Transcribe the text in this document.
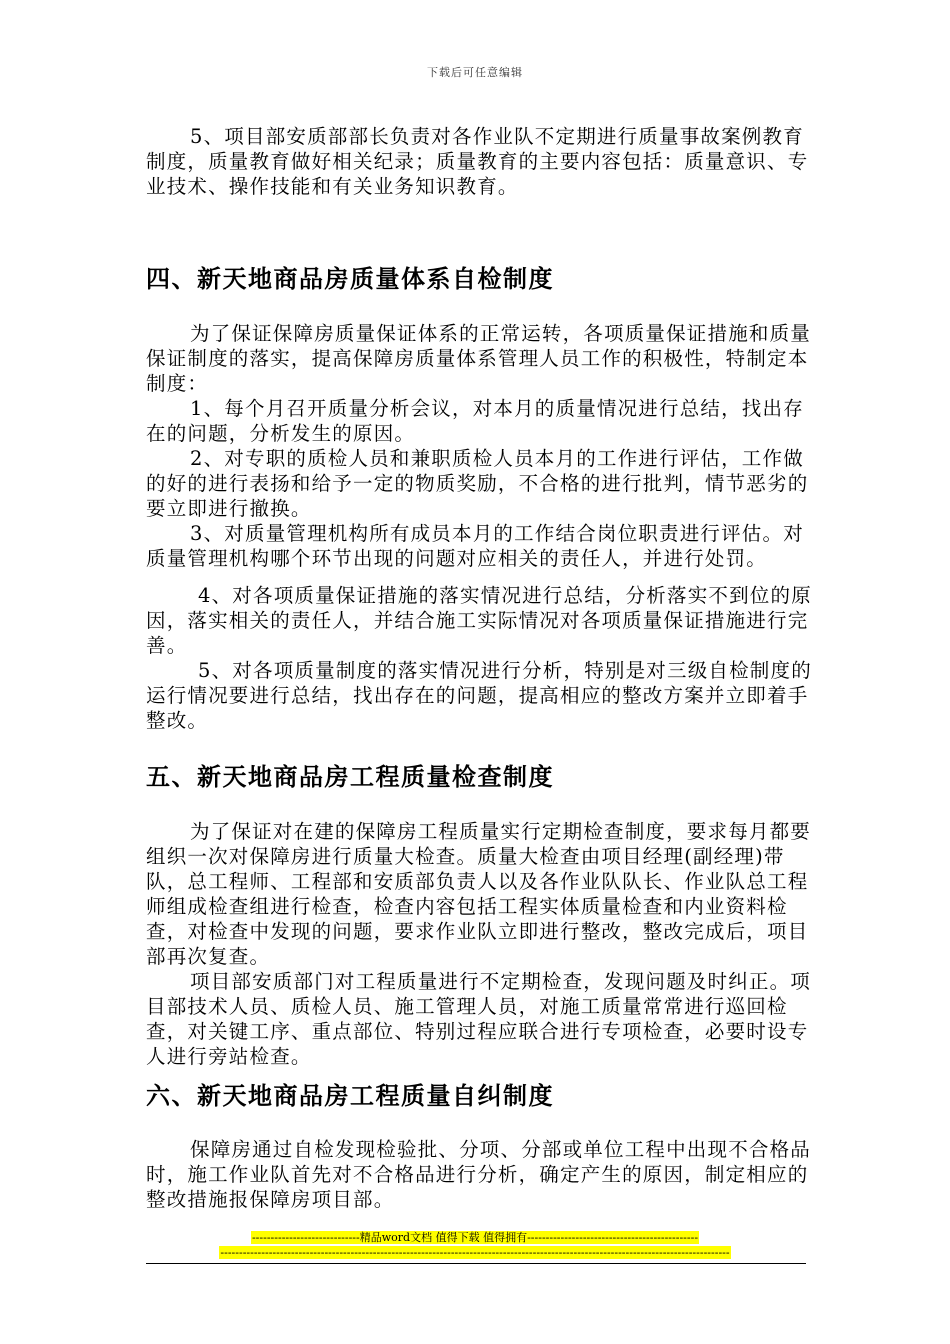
下载后可任意编辑

5、项目部安质部部长负责对各作业队不定期进行质量事故案例教育制度，质量教育做好相关纪录；质量教育的主要内容包括：质量意识、专业技术、操作技能和有关业务知识教育。

四、新天地商品房质量体系自检制度

为了保证保障房质量保证体系的正常运转，各项质量保证措施和质量保证制度的落实，提高保障房质量体系管理人员工作的积极性，特制定本制度：

1、每个月召开质量分析会议，对本月的质量情况进行总结，找出存在的问题，分析发生的原因。

2、对专职的质检人员和兼职质检人员本月的工作进行评估，工作做的好的进行表扬和给予一定的物质奖励，不合格的进行批判，情节恶劣的要立即进行撤换。

3、对质量管理机构所有成员本月的工作结合岗位职责进行评估。对质量管理机构哪个环节出现的问题对应相关的责任人，并进行处罚。

4、对各项质量保证措施的落实情况进行总结，分析落实不到位的原因，落实相关的责任人，并结合施工实际情况对各项质量保证措施进行完善。

5、对各项质量制度的落实情况进行分析，特别是对三级自检制度的运行情况要进行总结，找出存在的问题，提高相应的整改方案并立即着手整改。

五、新天地商品房工程质量检查制度

为了保证对在建的保障房工程质量实行定期检查制度，要求每月都要组织一次对保障房进行质量大检查。质量大检查由项目经理(副经理)带队，总工程师、工程部和安质部负责人以及各作业队队长、作业队总工程师组成检查组进行检查，检查内容包括工程实体质量检查和内业资料检查，对检查中发现的问题，要求作业队立即进行整改，整改完成后，项目部再次复查。

项目部安质部门对工程质量进行不定期检查，发现问题及时纠正。项目部技术人员、质检人员、施工管理人员，对施工质量常常进行巡回检查，对关键工序、重点部位、特别过程应联合进行专项检查，必要时设专人进行旁站检查。

六、新天地商品房工程质量自纠制度

保障房通过自检发现检验批、分项、分部或单位工程中出现不合格品时，施工作业队首先对不合格品进行分析，确定产生的原因，制定相应的整改措施报保障房项目部。

-----------------------------精品word文档 值得下载 值得拥有----------------------------------------------
-----------------------------------------------------------------------------------------------------------------------------------------
